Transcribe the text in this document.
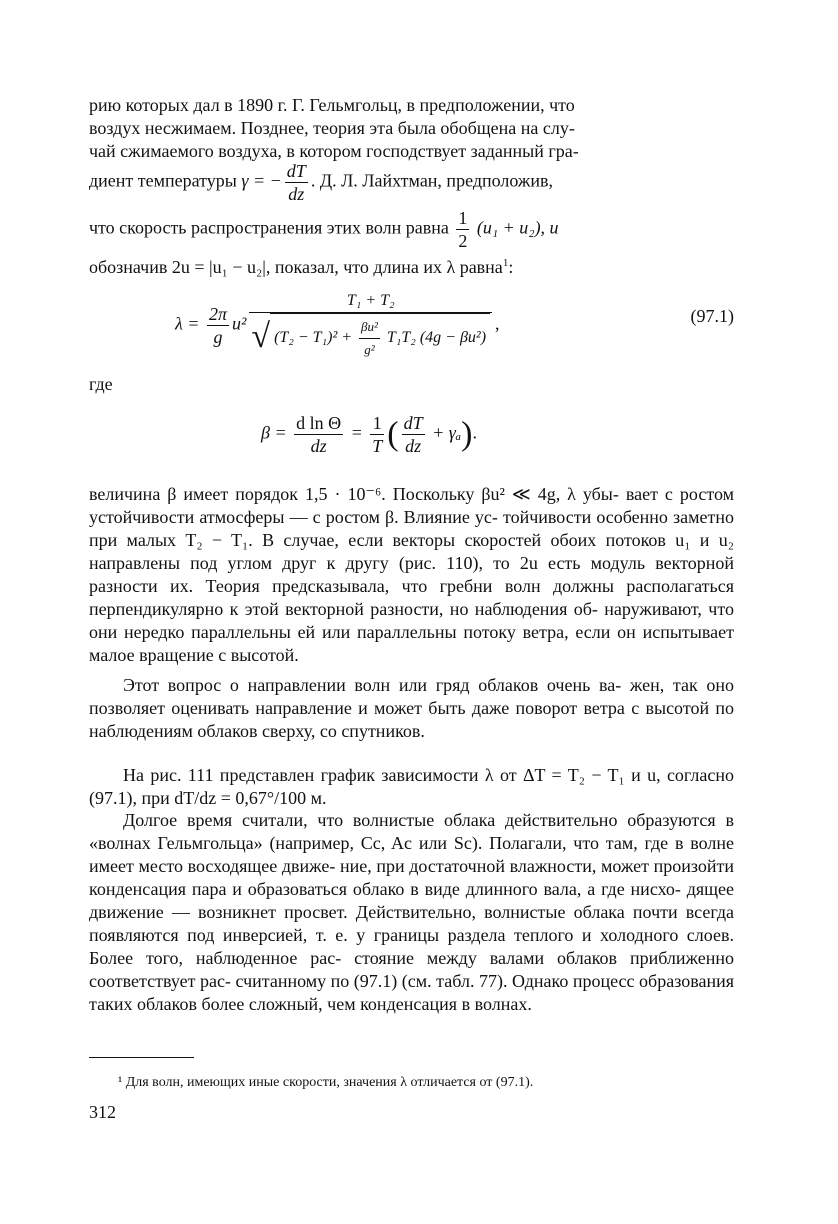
рию которых дал в 1890 г. Г. Гельмгольц, в предположении, что

воздух несжимаем. Позднее, теория эта была обобщена на слу-

чай сжимаемого воздуха, в котором господствует заданный гра-

диент температуры γ = − $\frac{dT}{dz}$ . Д. Л. Лайхтман, предположив,
что скорость распространения этих волн равна $\frac{1}{2} (u_1 + u_2)$, и
обозначив 2u = |u₁ − u₂|, показал, что длина их λ равна$^1$:
$\lambda = \frac{2\pi}{g} u^2 \frac{\text{T₁ + T₂}}{√ (T_2 - T_1)^2 + \frac{\text{βu²}}{\text{g²}} T_1T_2 (4g - \beta u^2)}$ ,	(97.1)
где
$\beta = \frac{\text{d ln Θ}}{dz} = \frac{1}{T}$ ( $\frac{dT}{dz} + \gamma_a$).

величина β имеет порядок 1,5 · 10⁻⁶. Поскольку βu² ≪ 4g, λ убы- вает с ростом устойчивости атмосферы — с ростом β. Влияние ус- тойчивости особенно заметно при малых T₂ − T₁. В случае, если векторы скоростей обоих потоков u₁ и u₂ направлены под углом друг к другу (рис. 110), то 2u есть модуль векторной разности их. Теория предсказывала, что гребни волн должны располагаться перпендикулярно к этой векторной разности, но наблюдения об- наруживают, что они нередко параллельны ей или параллельны потоку ветра, если он испытывает малое вращение с высотой.

Этот вопрос о направлении волн или гряд облаков очень ва- жен, так оно позволяет оценивать направление и может быть даже поворот ветра с высотой по наблюдениям облаков сверху, со спутников.

На рис. 111 представлен график зависимости λ от ΔT = T₂ − T₁ и u, согласно (97.1), при dT/dz = 0,67°/100 м.

Долгое время считали, что волнистые облака действительно образуются в «волнах Гельмгольца» (например, Cc, Ac или Sc). Полагали, что там, где в волне имеет место восходящее движе- ние, при достаточной влажности, может произойти конденсация пара и образоваться облако в виде длинного вала, а где нисхо- дящее движение — возникнет просвет. Действительно, волнистые облака почти всегда появляются под инверсией, т. е. у границы раздела теплого и холодного слоев. Более того, наблюденное рас- стояние между валами облаков приближенно соответствует рас- считанному по (97.1) (см. табл. 77). Однако процесс образования таких облаков более сложный, чем конденсация в волнах.

¹ Для волн, имеющих иные скорости, значения λ отличается от (97.1).
312
